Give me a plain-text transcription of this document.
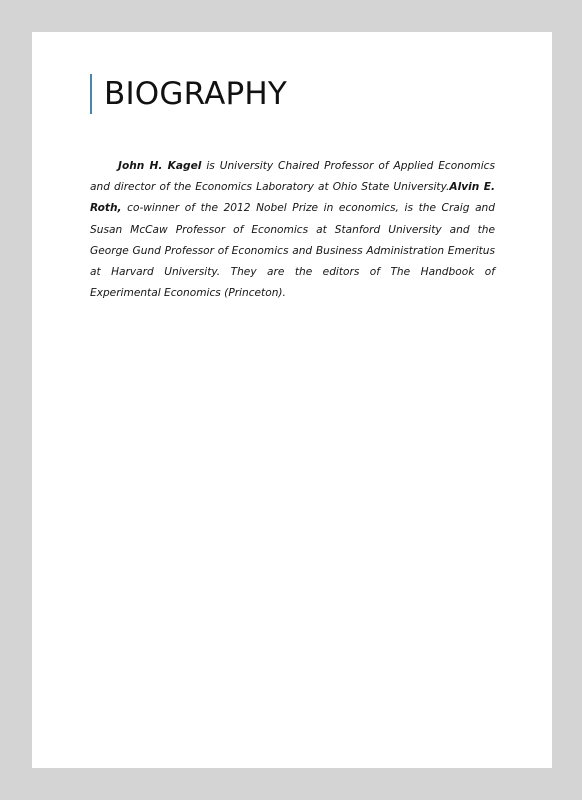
BIOGRAPHY

John H. Kagel is University Chaired Professor of Applied Economics and director of the Economics Laboratory at Ohio State University.Alvin E. Roth, co-winner of the 2012 Nobel Prize in economics, is the Craig and Susan McCaw Professor of Economics at Stanford University and the George Gund Professor of Economics and Business Administration Emeritus at Harvard University. They are the editors of The Handbook of Experimental Economics (Princeton).
